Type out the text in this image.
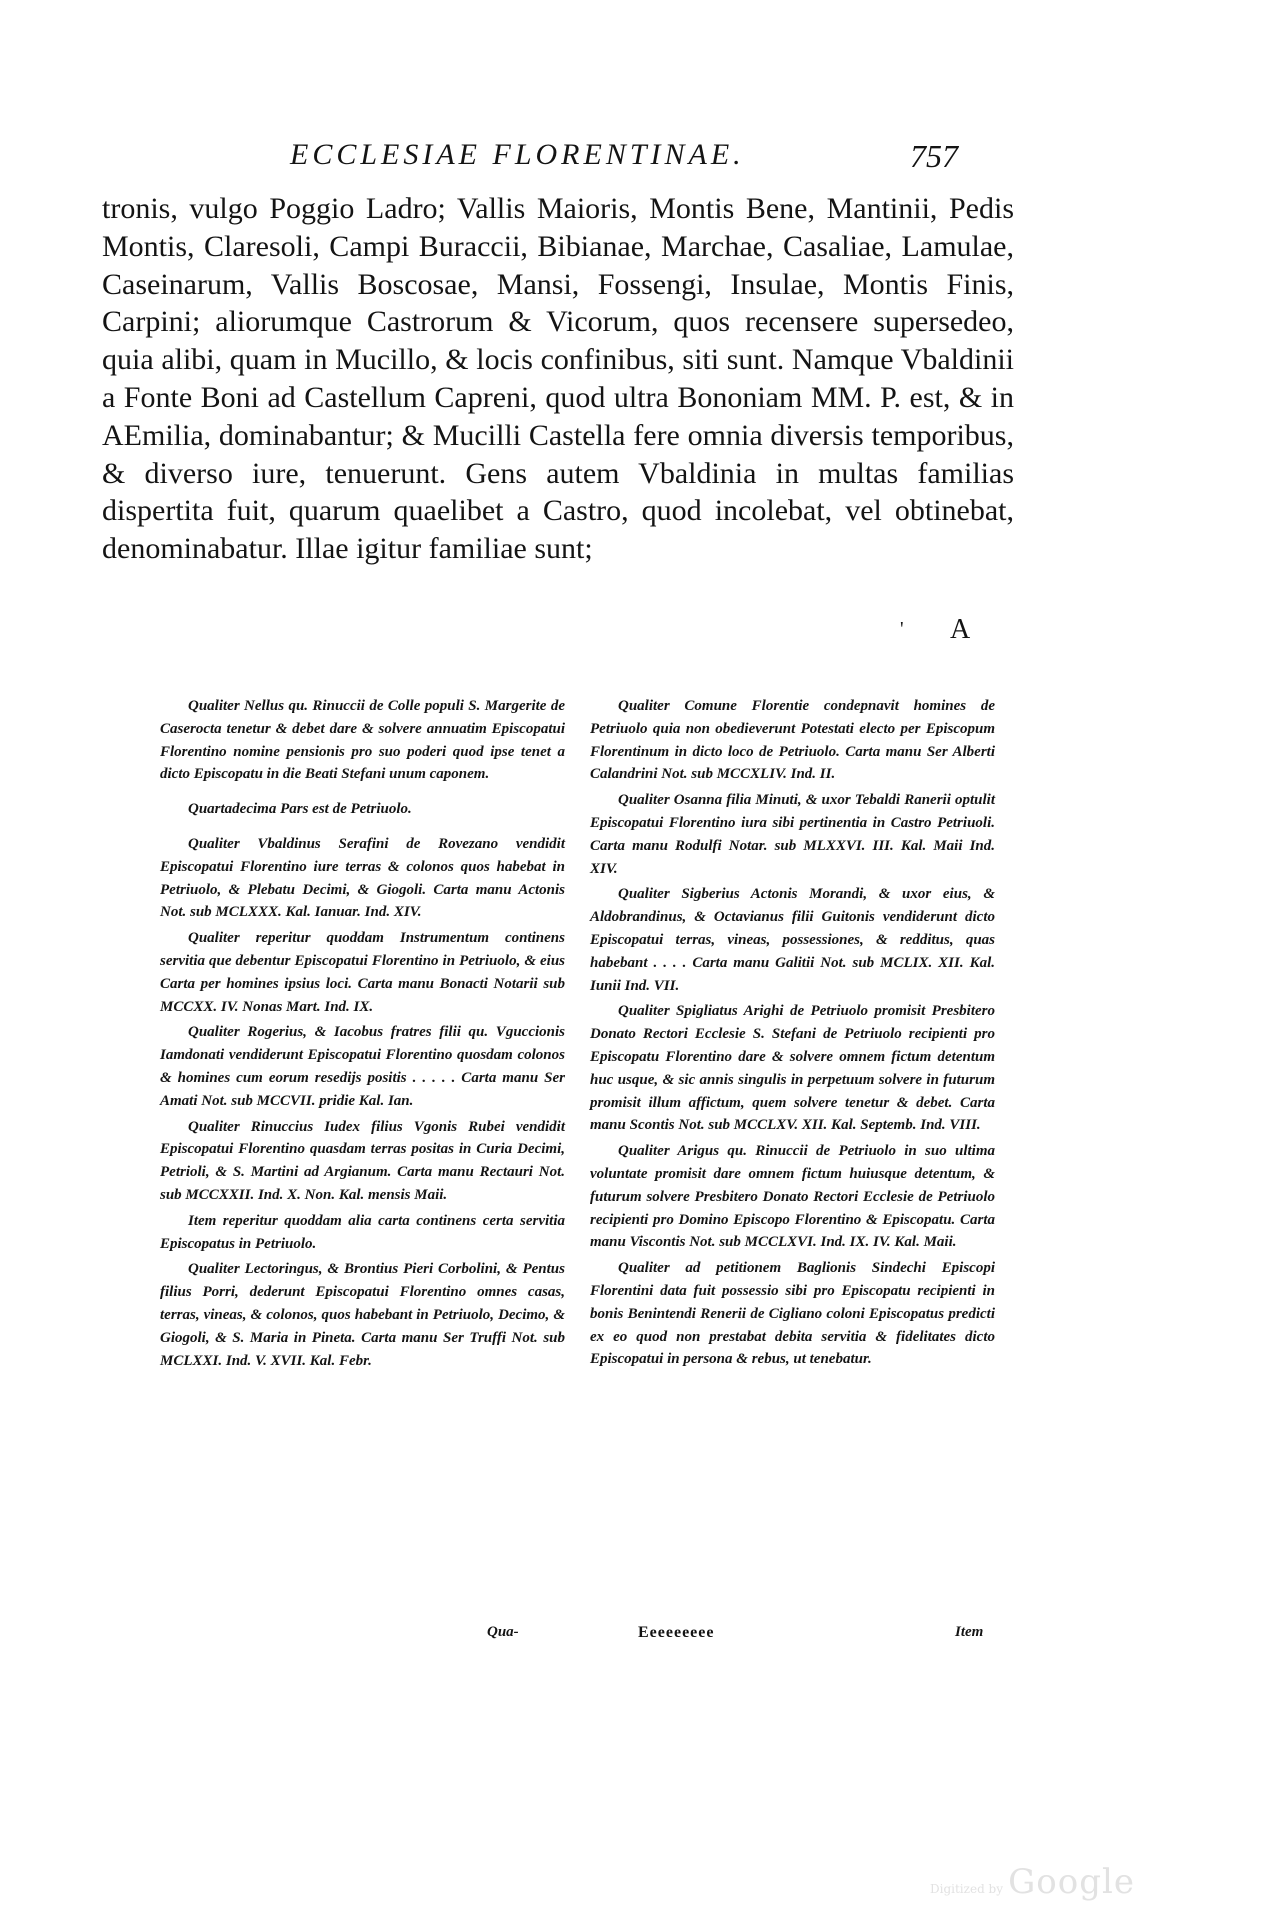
ECCLESIAE FLORENTINAE.	757

tronis, vulgo Poggio Ladro; Vallis Maioris, Montis Bene, Mantinii, Pedis Montis, Claresoli, Campi Buraccii, Bibianae, Marchae, Casaliae, Lamulae, Caseinarum, Vallis Boscosae, Mansi, Fossengi, Insulae, Montis Finis, Carpini; aliorumque Castrorum & Vicorum, quos recensere supersedeo, quia alibi, quam in Mucillo, & locis confinibus, siti sunt. Namque Vbaldinii a Fonte Boni ad Castellum Capreni, quod ultra Bononiam MM. P. est, & in AEmilia, dominabantur; & Mucilli Castella fere omnia diversis temporibus, & diverso iure, tenuerunt. Gens autem Vbaldinia in multas familias dispertita fuit, quarum quaelibet a Castro, quod incolebat, vel obtinebat, denominabatur. Illae igitur familiae sunt;

' A

Qualiter Nellus qu. Rinuccii de Colle populi S. Margerite de Caserocta tenetur & debet dare & solvere annuatim Episcopatui Florentino nomine pensionis pro suo poderi quod ipse tenet a dicto Episcopatu in die Beati Stefani unum caponem.

Quartadecima Pars est de Petriuolo.

Qualiter Vbaldinus Serafini de Rovezano vendidit Episcopatui Florentino iure terras & colonos quos habebat in Petriuolo, & Plebatu Decimi, & Giogoli. Carta manu Actonis Not. sub MCLXXX. Kal. Ianuar. Ind. XIV.

Qualiter reperitur quoddam Instrumentum continens servitia que debentur Episcopatui Florentino in Petriuolo, & eius Carta per homines ipsius loci. Carta manu Bonacti Notarii sub MCCXX. IV. Nonas Mart. Ind. IX.

Qualiter Rogerius, & Iacobus fratres filii qu. Vguccionis Iamdonati vendiderunt Episcopatui Florentino quosdam colonos & homines cum eorum resedijs positis . . . . . Carta manu Ser Amati Not. sub MCCVII. pridie Kal. Ian.

Qualiter Rinuccius Iudex filius Vgonis Rubei vendidit Episcopatui Florentino quasdam terras positas in Curia Decimi, Petrioli, & S. Martini ad Argianum. Carta manu Rectauri Not. sub MCCXXII. Ind. X. Non. Kal. mensis Maii.

Item reperitur quoddam alia carta continens certa servitia Episcopatus in Petriuolo.

Qualiter Lectoringus, & Brontius Pieri Corbolini, & Pentus filius Porri, dederunt Episcopatui Florentino omnes casas, terras, vineas, & colonos, quos habebant in Petriuolo, Decimo, & Giogoli, & S. Maria in Pineta. Carta manu Ser Truffi Not. sub MCLXXI. Ind. V. XVII. Kal. Febr.

Qualiter Comune Florentie condepnavit homines de Petriuolo quia non obedieverunt Potestati electo per Episcopum Florentinum in dicto loco de Petriuolo. Carta manu Ser Alberti Calandrini Not. sub MCCXLIV. Ind. II.

Qualiter Osanna filia Minuti, & uxor Tebaldi Ranerii optulit Episcopatui Florentino iura sibi pertinentia in Castro Petriuoli. Carta manu Rodulfi Notar. sub MLXXVI. III. Kal. Maii Ind. XIV.

Qualiter Sigberius Actonis Morandi, & uxor eius, & Aldobrandinus, & Octavianus filii Guitonis vendiderunt dicto Episcopatui terras, vineas, possessiones, & redditus, quas habebant . . . . Carta manu Galitii Not. sub MCLIX. XII. Kal. Iunii Ind. VII.

Qualiter Spigliatus Arighi de Petriuolo promisit Presbitero Donato Rectori Ecclesie S. Stefani de Petriuolo recipienti pro Episcopatu Florentino dare & solvere omnem fictum detentum huc usque, & sic annis singulis in perpetuum solvere in futurum promisit illum affictum, quem solvere tenetur & debet. Carta manu Scontis Not. sub MCCLXV. XII. Kal. Septemb. Ind. VIII.

Qualiter Arigus qu. Rinuccii de Petriuolo in suo ultima voluntate promisit dare omnem fictum huiusque detentum, & futurum solvere Presbitero Donato Rectori Ecclesie de Petriuolo recipienti pro Domino Episcopo Florentino & Episcopatu. Carta manu Viscontis Not. sub MCCLXVI. Ind. IX. IV. Kal. Maii.

Qualiter ad petitionem Baglionis Sindechi Episcopi Florentini data fuit possessio sibi pro Episcopatu recipienti in bonis Benintendi Renerii de Cigliano coloni Episcopatus predicti ex eo quod non prestabat debita servitia & fidelitates dicto Episcopatui in persona & rebus, ut tenebatur.

Qua-	Eeeeeeeee	Item
Digitized by Google
